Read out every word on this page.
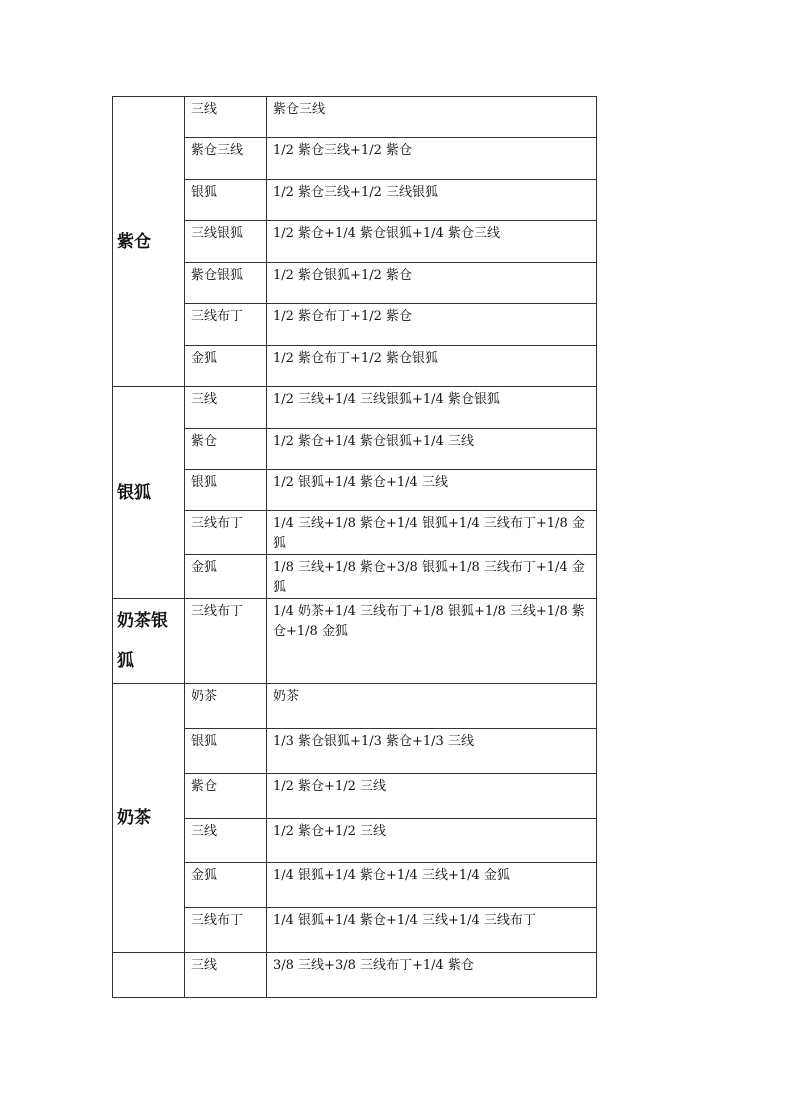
紫仓	三线	紫仓三线
	紫仓三线	1/2 紫仓三线+1/2 紫仓
	银狐	1/2 紫仓三线+1/2 三线银狐
	三线银狐	1/2 紫仓+1/4 紫仓银狐+1/4 紫仓三线
	紫仓银狐	1/2 紫仓银狐+1/2 紫仓
	三线布丁	1/2 紫仓布丁+1/2 紫仓
	金狐	1/2 紫仓布丁+1/2 紫仓银狐
银狐	三线	1/2 三线+1/4 三线银狐+1/4 紫仓银狐
	紫仓	1/2 紫仓+1/4 紫仓银狐+1/4 三线
	银狐	1/2 银狐+1/4 紫仓+1/4 三线
	三线布丁	1/4 三线+1/8 紫仓+1/4 银狐+1/4 三线布丁+1/8 金狐
	金狐	1/8 三线+1/8 紫仓+3/8 银狐+1/8 三线布丁+1/4 金狐
奶茶银狐	三线布丁	1/4 奶茶+1/4 三线布丁+1/8 银狐+1/8 三线+1/8 紫仓+1/8 金狐
奶茶	奶茶	奶茶
	银狐	1/3 紫仓银狐+1/3 紫仓+1/3 三线
	紫仓	1/2 紫仓+1/2 三线
	三线	1/2 紫仓+1/2 三线
	金狐	1/4 银狐+1/4 紫仓+1/4 三线+1/4 金狐
	三线布丁	1/4 银狐+1/4 紫仓+1/4 三线+1/4 三线布丁
	三线	3/8 三线+3/8 三线布丁+1/4 紫仓
